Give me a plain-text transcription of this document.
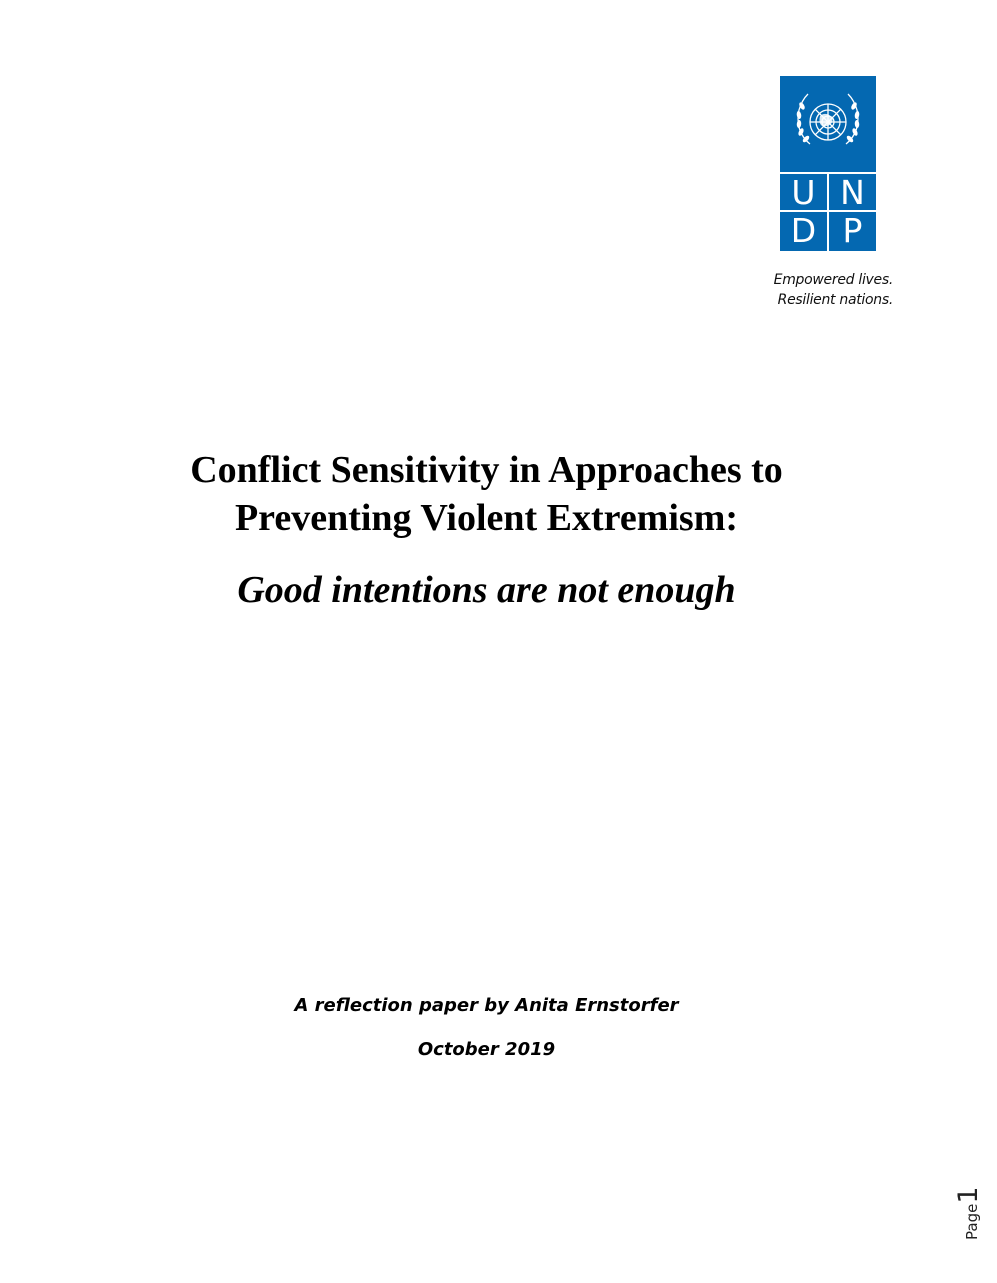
U N
D P
Empowered lives.
Resilient nations.
Conflict Sensitivity in Approaches to
Preventing Violent Extremism:
Good intentions are not enough
A reflection paper by Anita Ernstorfer
October 2019
Page1
